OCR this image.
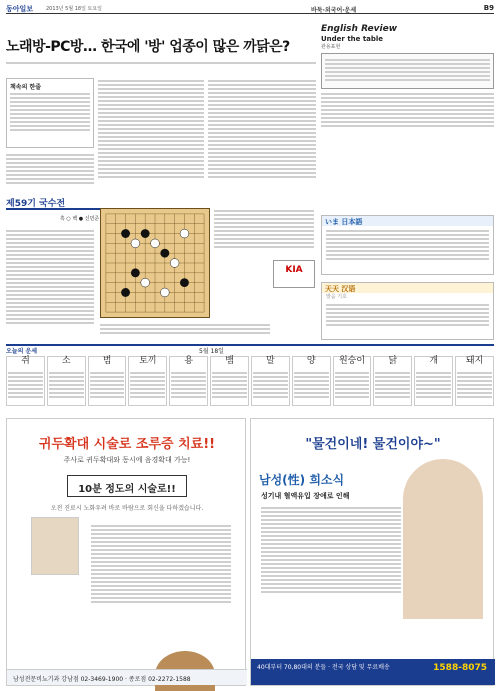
동아일보	2013년 5월 18일 토요일	바둑·외국어·운세	B9
노래방-PC방… 한국에 '방' 업종이 많은 까닭은?
책속의 한줄
English Review
Under the table
관용표현
いま 日本語
天天 汉语
발음 기호
제59기 국수전
흑 ○ 백 ● 신민준
KIA
오늘의 운세	5월 18일
쥐	소	범	토끼	용	뱀	말	양	원숭이	닭	개	돼지
귀두확대 시술로 조루증 치료!!
주사로 귀두확대와 동시에 음경확대 가능!
10분 정도의 시술로!!
오전 진료시 노화우려 바로 바람으로 회신을 다하겠습니다.
남성전문비뇨기과 강남점 02-3469-1900 · 종로점 02-2272-1588
"물건이네! 물건이야~"
남성(性) 희소식
성기내 혈액유입 장애로 인해
40대부터 70,80대의 분들 · 전국 상담 및 무료배송	1588-8075
